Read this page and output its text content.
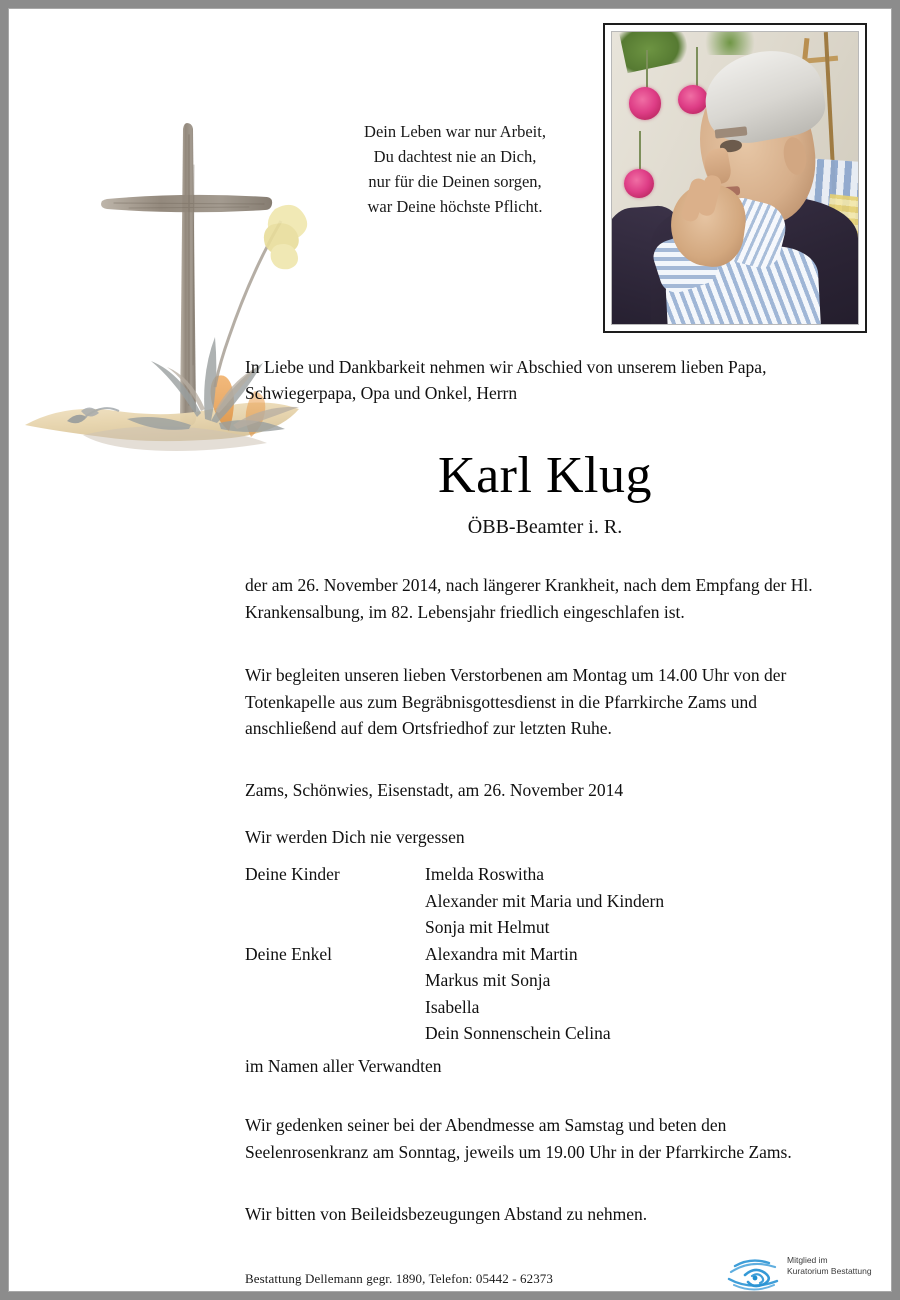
Dein Leben war nur Arbeit,
Du dachtest nie an Dich,
nur für die Deinen sorgen,
war Deine höchste Pflicht.
In Liebe und Dankbarkeit nehmen wir Abschied von unserem lieben Papa, Schwiegerpapa, Opa und Onkel, Herrn
Karl Klug
ÖBB-Beamter i. R.
der am 26. November 2014, nach längerer Krankheit, nach dem Empfang der Hl. Krankensalbung, im 82. Lebensjahr friedlich eingeschlafen ist.
Wir begleiten unseren lieben Verstorbenen am Montag um 14.00 Uhr von der Totenkapelle aus zum Begräbnisgottesdienst in die Pfarrkirche Zams und anschließend auf dem Ortsfriedhof zur letzten Ruhe.
Zams, Schönwies, Eisenstadt, am 26. November 2014
Wir werden Dich nie vergessen
Deine Kinder	Imelda Roswitha
Alexander mit Maria und Kindern
Sonja mit Helmut
Deine Enkel	Alexandra mit Martin
Markus mit Sonja
Isabella
Dein Sonnenschein Celina
im Namen aller Verwandten
Wir gedenken seiner bei der Abendmesse am Samstag und beten den Seelenrosenkranz am Sonntag, jeweils um 19.00 Uhr in der Pfarrkirche Zams.
Wir bitten von Beileidsbezeugungen Abstand zu nehmen.
Bestattung Dellemann gegr. 1890, Telefon: 05442 - 62373
Mitglied im
Kuratorium Bestattung
